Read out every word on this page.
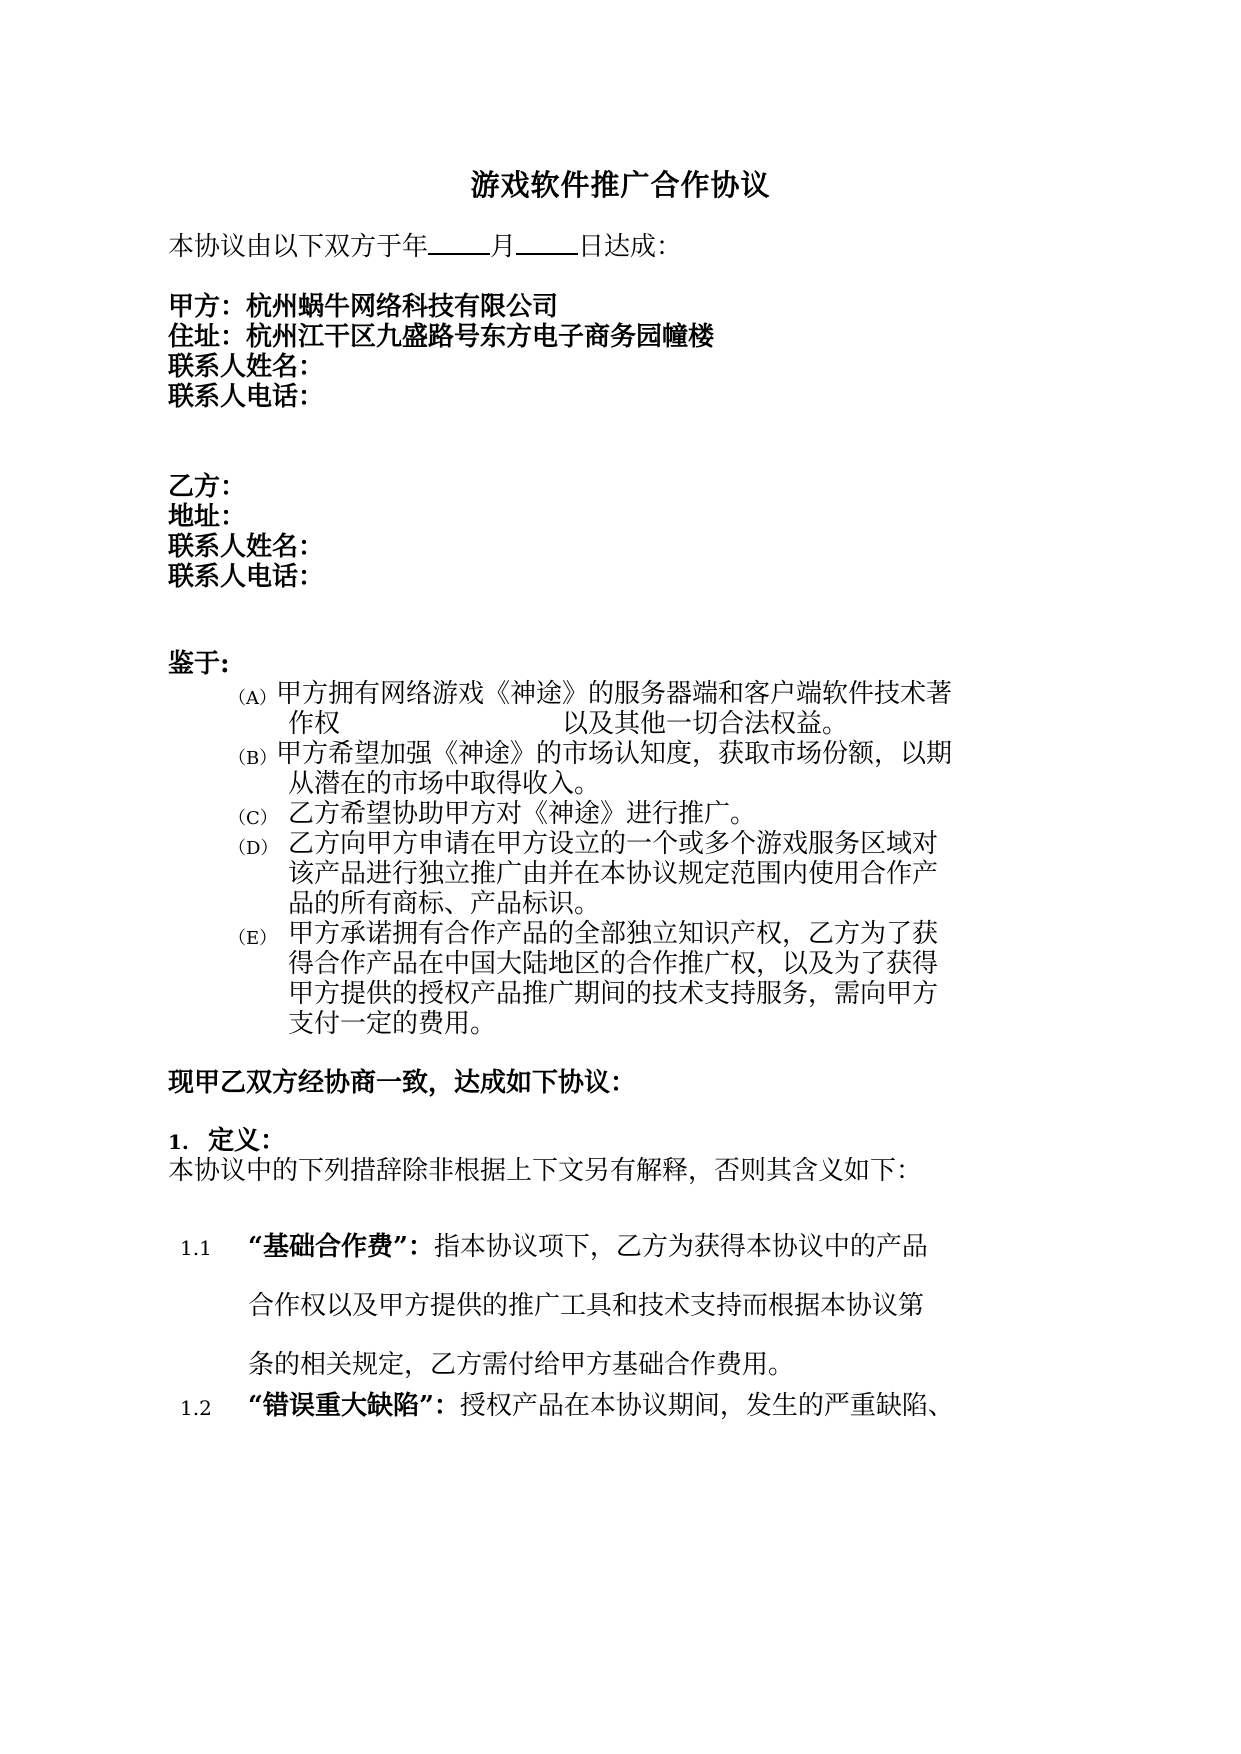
游戏软件推广合作协议
本协议由以下双方于年 月 日达成：
甲方：杭州蜗牛网络科技有限公司
住址：杭州江干区九盛路号东方电子商务园幢楼
联系人姓名：
联系人电话：
乙方：
地址：
联系人姓名：
联系人电话：
鉴于:
（A） 甲方拥有网络游戏《神途》的服务器端和客户端软件技术著
作权	以及其他一切合法权益。
（B）
甲方希望加强《神途》的市场认知度，获取市场份额，以期
从潜在的市场中取得收入。
（C） 乙方希望协助甲方对《神途》进行推广。
（D） 乙方向甲方申请在甲方设立的一个或多个游戏服务区域对
该产品进行独立推广由并在本协议规定范围内使用合作产
品的所有商标、产品标识。
（E） 甲方承诺拥有合作产品的全部独立知识产权，乙方为了获
得合作产品在中国大陆地区的合作推广权，以及为了获得
甲方提供的授权产品推广期间的技术支持服务，需向甲方
支付一定的费用。
现甲乙双方经协商一致，达成如下协议：
1. 定义：
本协议中的下列措辞除非根据上下文另有解释，否则其含义如下：
1.1 “基础合作费”：指本协议项下，乙方为获得本协议中的产品
合作权以及甲方提供的推广工具和技术支持而根据本协议第
条的相关规定，乙方需付给甲方基础合作费用。
1.2 “错误重大缺陷”：授权产品在本协议期间，发生的严重缺陷、
